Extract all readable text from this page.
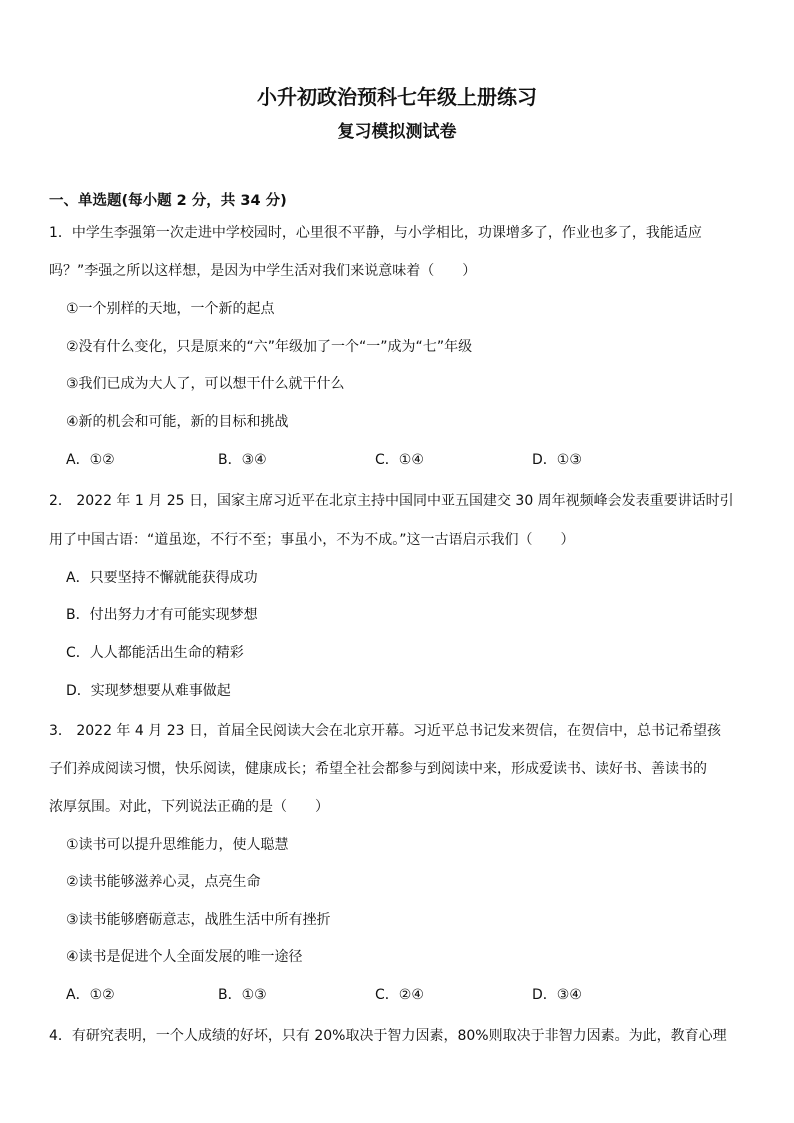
小升初政治预科七年级上册练习
复习模拟测试卷
一、单选题(每小题 2 分，共 34 分)
1．中学生李强第一次走进中学校园时，心里很不平静，与小学相比，功课增多了，作业也多了，我能适应
吗？”李强之所以这样想，是因为中学生活对我们来说意味着（　　）
①一个别样的天地，一个新的起点
②没有什么变化，只是原来的“六”年级加了一个“一”成为“七”年级
③我们已成为大人了，可以想干什么就干什么
④新的机会和可能，新的目标和挑战
A．①②	B．③④	C．①④	D．①③
2． 2022 年 1 月 25 日，国家主席习近平在北京主持中国同中亚五国建交 30 周年视频峰会发表重要讲话时引
用了中国古语：“道虽迩，不行不至；事虽小，不为不成。”这一古语启示我们（　　）
A．只要坚持不懈就能获得成功
B．付出努力才有可能实现梦想
C．人人都能活出生命的精彩
D．实现梦想要从难事做起
3． 2022 年 4 月 23 日，首届全民阅读大会在北京开幕。习近平总书记发来贺信，在贺信中，总书记希望孩
子们养成阅读习惯，快乐阅读，健康成长；希望全社会都参与到阅读中来，形成爱读书、读好书、善读书的
浓厚氛围。对此，下列说法正确的是（　　）
①读书可以提升思维能力，使人聪慧
②读书能够滋养心灵，点亮生命
③读书能够磨砺意志，战胜生活中所有挫折
④读书是促进个人全面发展的唯一途径
A．①②	B．①③	C．②④	D．③④
4．有研究表明，一个人成绩的好坏，只有 20%取决于智力因素，80%则取决于非智力因素。为此，教育心理
